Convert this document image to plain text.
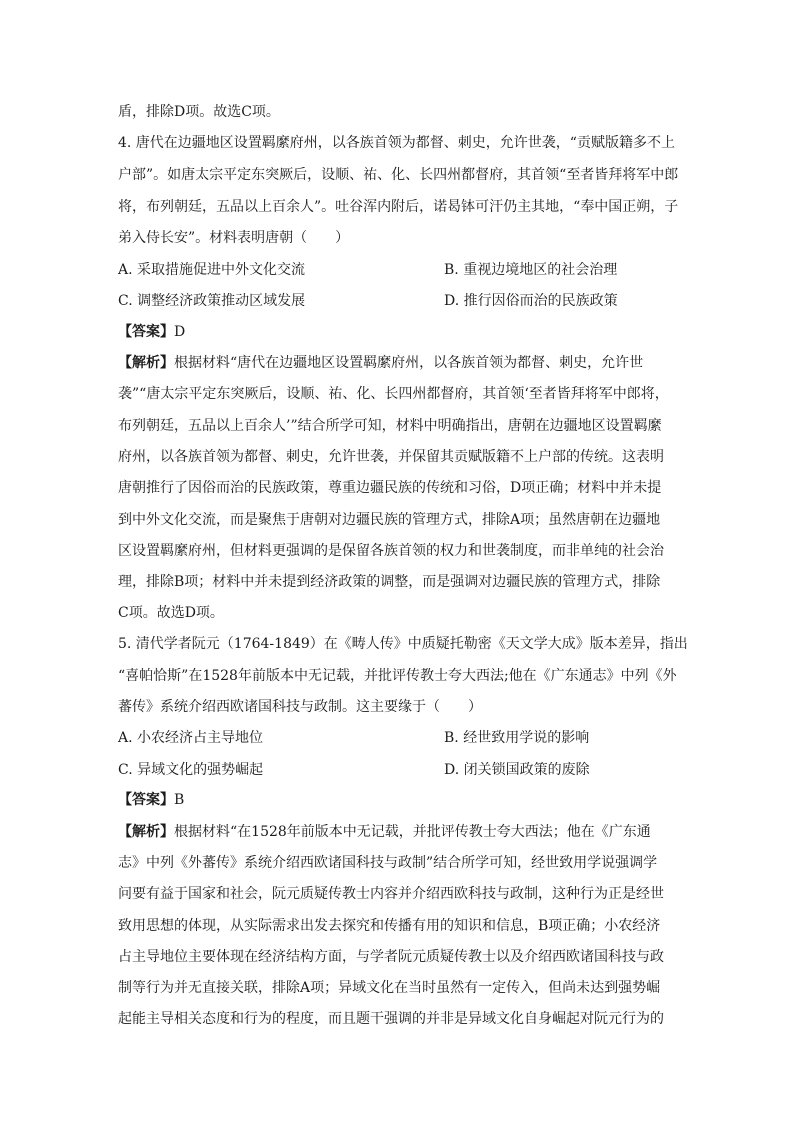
盾，排除D项。故选C项。
4. 唐代在边疆地区设置羁縻府州，以各族首领为都督、刺史，允许世袭，“贡赋版籍多不上
户部”。如唐太宗平定东突厥后，设顺、祐、化、长四州都督府，其首领“至者皆拜将军中郎
将，布列朝廷，五品以上百余人”。吐谷浑内附后，诺曷钵可汗仍主其地，“奉中国正朔，子
弟入侍长安”。材料表明唐朝（　　）
A. 采取措施促进中外文化交流	B. 重视边境地区的社会治理
C. 调整经济政策推动区域发展	D. 推行因俗而治的民族政策
【答案】D
【解析】根据材料“唐代在边疆地区设置羁縻府州，以各族首领为都督、刺史，允许世
袭”“唐太宗平定东突厥后，设顺、祐、化、长四州都督府，其首领‘至者皆拜将军中郎将，
布列朝廷，五品以上百余人’”结合所学可知，材料中明确指出，唐朝在边疆地区设置羁縻
府州，以各族首领为都督、刺史，允许世袭，并保留其贡赋版籍不上户部的传统。这表明
唐朝推行了因俗而治的民族政策，尊重边疆民族的传统和习俗，D项正确；材料中并未提
到中外文化交流，而是聚焦于唐朝对边疆民族的管理方式，排除A项；虽然唐朝在边疆地
区设置羁縻府州，但材料更强调的是保留各族首领的权力和世袭制度，而非单纯的社会治
理，排除B项；材料中并未提到经济政策的调整，而是强调对边疆民族的管理方式，排除
C项。故选D项。
5. 清代学者阮元（1764-1849）在《畴人传》中质疑托勒密《天文学大成》版本差异，指出
“喜帕恰斯”在1528年前版本中无记载，并批评传教士夸大西法;他在《广东通志》中列《外
蕃传》系统介绍西欧诸国科技与政制。这主要缘于（　　）
A. 小农经济占主导地位	B. 经世致用学说的影响
C. 异域文化的强势崛起	D. 闭关锁国政策的废除
【答案】B
【解析】根据材料“在1528年前版本中无记载，并批评传教士夸大西法；他在《广东通
志》中列《外蕃传》系统介绍西欧诸国科技与政制”结合所学可知，经世致用学说强调学
问要有益于国家和社会，阮元质疑传教士内容并介绍西欧科技与政制，这种行为正是经世
致用思想的体现，从实际需求出发去探究和传播有用的知识和信息，B项正确；小农经济
占主导地位主要体现在经济结构方面，与学者阮元质疑传教士以及介绍西欧诸国科技与政
制等行为并无直接关联，排除A项；异域文化在当时虽然有一定传入，但尚未达到强势崛
起能主导相关态度和行为的程度，而且题干强调的并非是异域文化自身崛起对阮元行为的
